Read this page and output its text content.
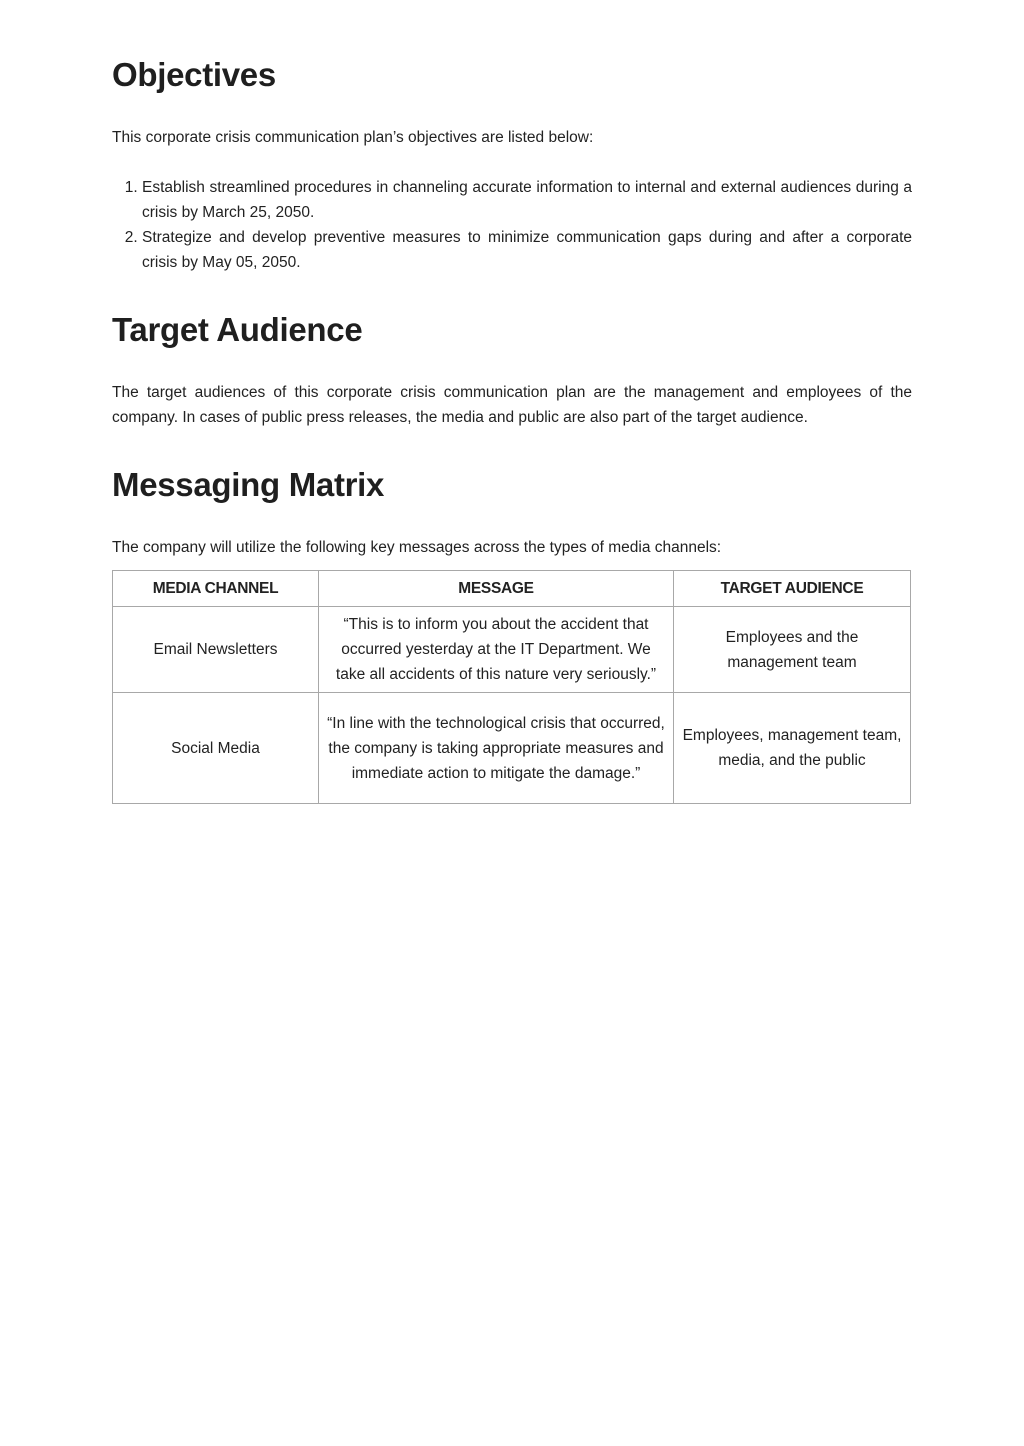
Objectives

This corporate crisis communication plan’s objectives are listed below:

1. Establish streamlined procedures in channeling accurate information to internal and external audiences during a crisis by March 25, 2050.
2. Strategize and develop preventive measures to minimize communication gaps during and after a corporate crisis by May 05, 2050.
Target Audience

The target audiences of this corporate crisis communication plan are the management and employees of the company. In cases of public press releases, the media and public are also part of the target audience.

Messaging Matrix

The company will utilize the following key messages across the types of media channels:

MEDIA CHANNEL	MESSAGE	TARGET AUDIENCE
Email Newsletters	“This is to inform you about the accident that occurred yesterday at the IT Department. We take all accidents of this nature very seriously.”	Employees and the management team
Social Media	“In line with the technological crisis that occurred, the company is taking appropriate measures and immediate action to mitigate the damage.”	Employees, management team, media, and the public
